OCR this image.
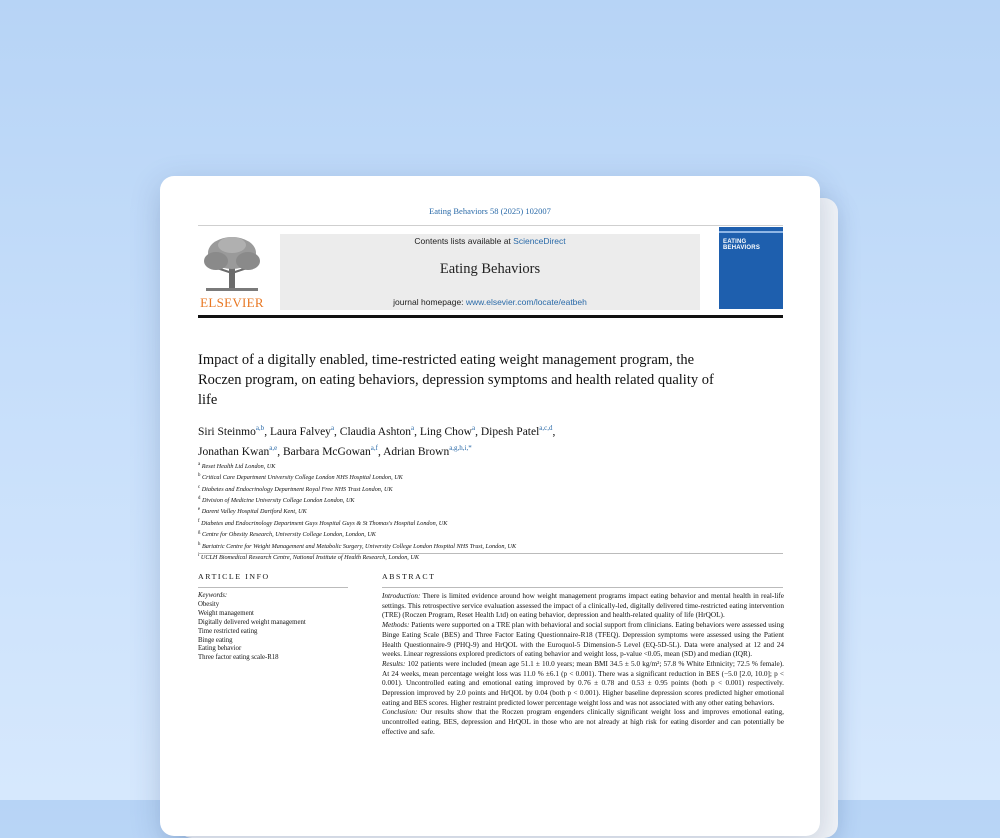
Eating Behaviors 58 (2025) 102007
ELSEVIER
Contents lists available at ScienceDirect
Eating Behaviors
journal homepage: www.elsevier.com/locate/eatbeh
EATING BEHAVIORS
Impact of a digitally enabled, time-restricted eating weight management program, the Roczen program, on eating behaviors, depression symptoms and health related quality of life
Siri Steinmo$^{a,b}$, Laura Falvey$^a$, Claudia Ashton$^a$, Ling Chow$^a$, Dipesh Patel$^{a,c,d}$,
Jonathan Kwan$^{a,e}$, Barbara McGowan$^{a,f}$, Adrian Brown$^{a,g,h,i,*}$
$^a$ Reset Health Ltd London, UK
$^b$ Critical Care Department University College London NHS Hospital London, UK
$^c$ Diabetes and Endocrinology Department Royal Free NHS Trust London, UK
$^d$ Division of Medicine University College London London, UK
$^e$ Darent Valley Hospital Dartford Kent, UK
$^f$ Diabetes and Endocrinology Department Guys Hospital Guys & St Thomas's Hospital London, UK
$^g$ Centre for Obesity Research, University College London, London, UK
$^h$ Bariatric Centre for Weight Management and Metabolic Surgery, University College London Hospital NHS Trust, London, UK
$^i$ UCLH Biomedical Research Centre, National Institute of Health Research, London, UK
ARTICLE INFO
Keywords:
Obesity
Weight management
Digitally delivered weight management
Time restricted eating
Binge eating
Eating behavior
Three factor eating scale-R18
ABSTRACT

Introduction: There is limited evidence around how weight management programs impact eating behavior and mental health in real-life settings. This retrospective service evaluation assessed the impact of a clinically-led, digitally delivered time-restricted eating intervention (TRE) (Roczen Program, Reset Health Ltd) on eating behavior, depression and health-related quality of life (HrQOL).

Methods: Patients were supported on a TRE plan with behavioral and social support from clinicians. Eating behaviors were assessed using Binge Eating Scale (BES) and Three Factor Eating Questionnaire-R18 (TFEQ). Depression symptoms were assessed using the Patient Health Questionnaire-9 (PHQ-9) and HrQOL with the Euroquol-5 Dimension-5 Level (EQ-5D-5L). Data were analysed at 12 and 24 weeks. Linear regressions explored predictors of eating behavior and weight loss, p-value <0.05, mean (SD) and median (IQR).

Results: 102 patients were included (mean age 51.1 ± 10.0 years; mean BMI 34.5 ± 5.0 kg/m²; 57.8 % White Ethnicity; 72.5 % female). At 24 weeks, mean percentage weight loss was 11.0 % ±6.1 (p < 0.001). There was a significant reduction in BES (−5.0 [2.0, 10.0]; p < 0.001). Uncontrolled eating and emotional eating improved by 0.76 ± 0.78 and 0.53 ± 0.95 points (both p < 0.001) respectively. Depression improved by 2.0 points and HrQOL by 0.04 (both p < 0.001). Higher baseline depression scores predicted higher emotional eating and BES scores. Higher restraint predicted lower percentage weight loss and was not associated with any other eating behaviors.

Conclusion: Our results show that the Roczen program engenders clinically significant weight loss and improves emotional eating, uncontrolled eating, BES, depression and HrQOL in those who are not already at high risk for eating disorder and can potentially be effective and safe.
